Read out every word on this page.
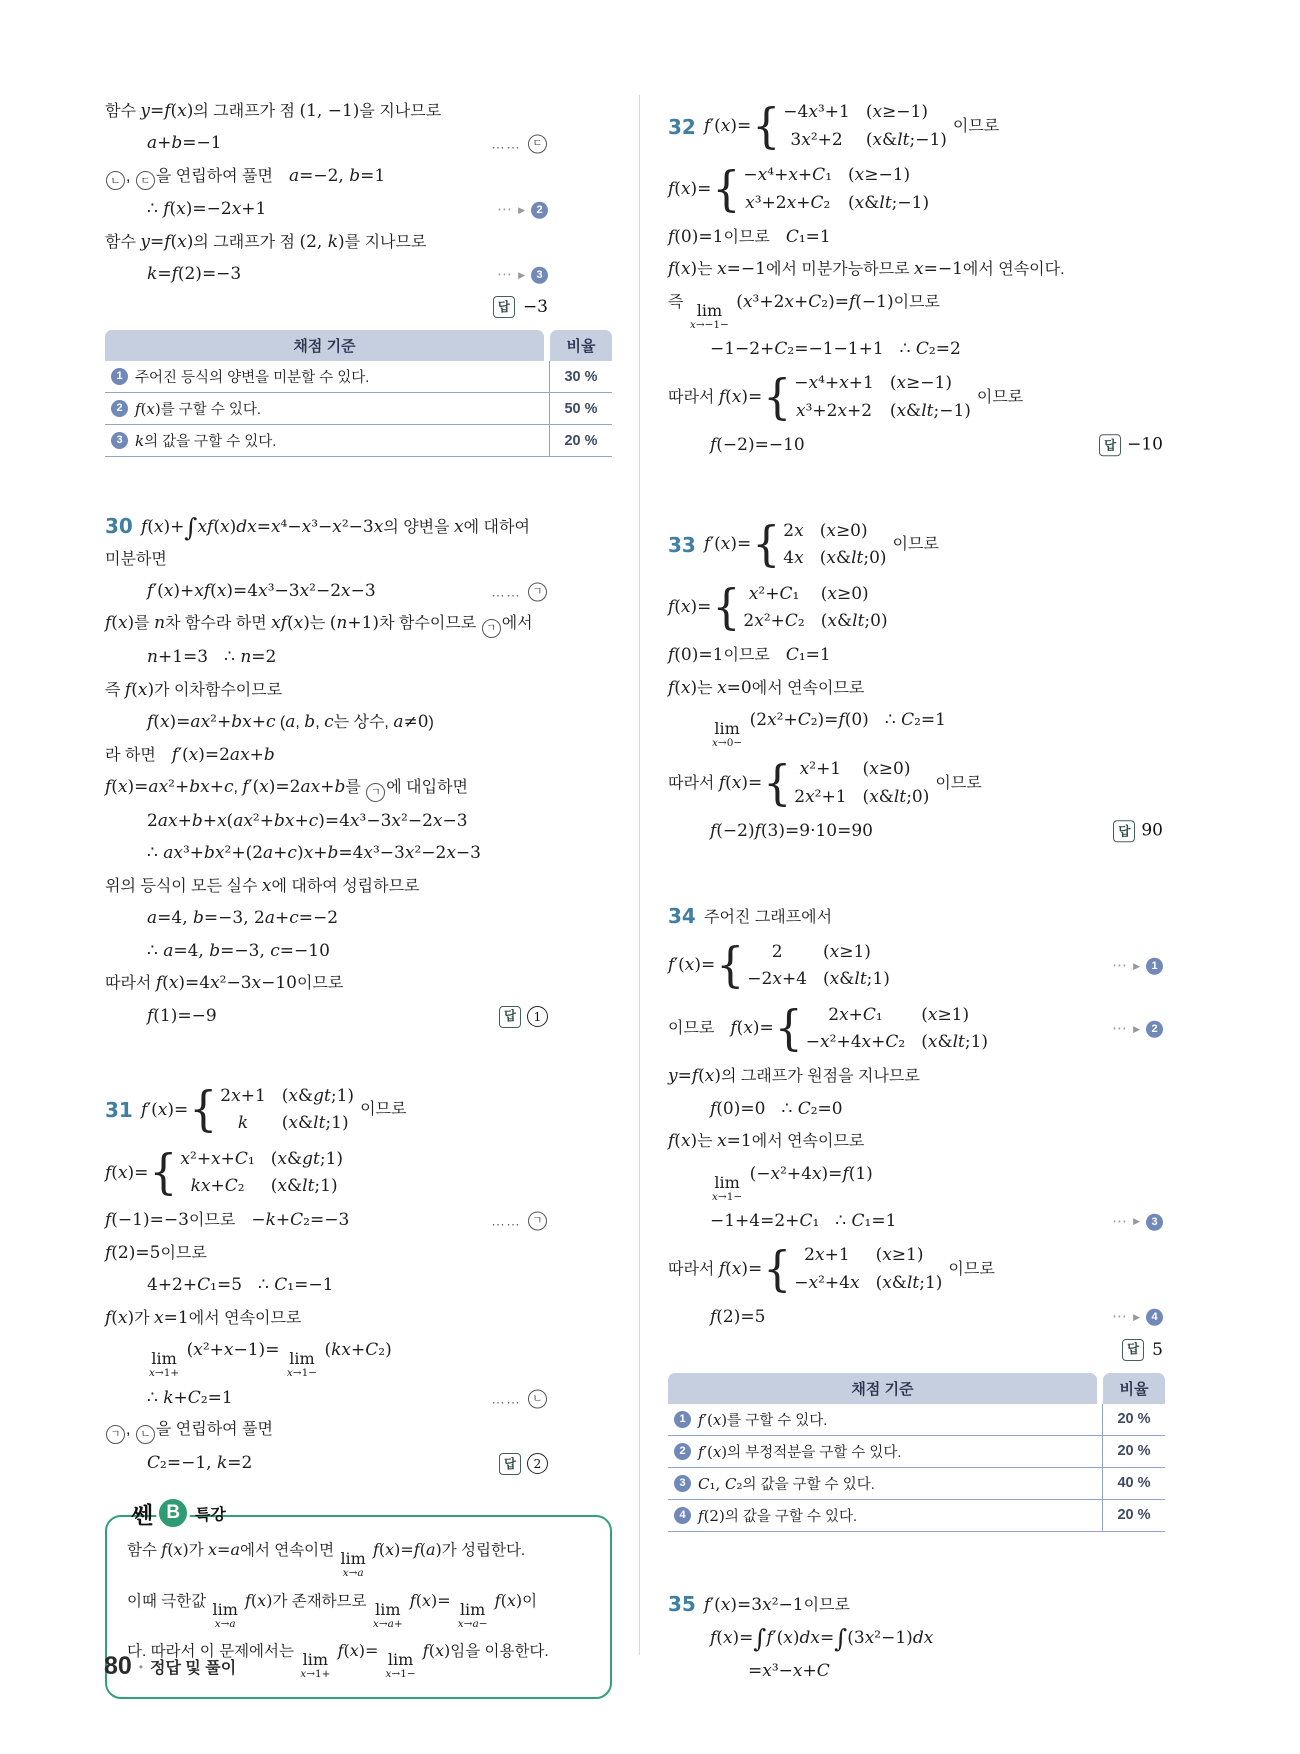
함수 y=f(x)의 그래프가 점 (1, −1)을 지나므로
a+b=−1	……	ㄷ
ㄴ , ㄷ 을 연립하여 풀면　a=−2, b=1
∴ f(x)=−2x+1	⋯ ▶	2
함수 y=f(x)의 그래프가 점 (2, k)를 지나므로
k=f(2)=−3	⋯ ▶	3
답 −3
채점 기준	비율
1 주어진 등식의 양변을 미분할 수 있다.	30 %
2 f(x)를 구할 수 있다.	50 %
3 k의 값을 구할 수 있다.	20 %
30 f(x)+∫xf(x)dx=x⁴−x³−x²−3x의 양변을 x에 대하여
미분하면
f′(x)+xf(x)=4x³−3x²−2x−3	……	ㄱ
f(x)를 n차 함수라 하면 xf(x)는 (n+1)차 함수이므로 ㄱ 에서
n+1=3　 ∴ n=2
즉 f(x)가 이차함수이므로
f(x)=ax²+bx+c (a, b, c는 상수, a≠0)
라 하면　f′(x)=2ax+b
f(x)=ax²+bx+c, f′(x)=2ax+b를 ㄱ 에 대입하면
2ax+b+x(ax²+bx+c)=4x³−3x²−2x−3
∴ ax³+bx²+(2a+c)x+b=4x³−3x²−2x−3
위의 등식이 모든 실수 x에 대하여 성립하므로
a=4, b=−3, 2a+c=−2
∴ a=4, b=−3, c=−10
따라서 f(x)=4x²−3x−10이므로
f(1)=−9	답	1
31 f′(x)= { 2x+1 (x&gt;1)
k (x&lt;1)
이므로
f(x)= { x²+x+C₁ (x&gt;1)
kx+C₂ (x&lt;1)
f(−1)=−3이므로　−k+C₂=−3	……	ㄱ
f(2)=5이므로
4+2+C₁=5　 ∴ C₁=−1
f(x)가 x=1에서 연속이므로
lim
x→1+
(x²+x−1)= lim
x→1−
(kx+C₂)
∴ k+C₂=1	……	ㄴ
ㄱ , ㄴ 을 연립하여 풀면
C₂=−1, k=2	답	2
쎈 B 특강
함수 f(x)가 x=a에서 연속이면 lim
x→a
f(x)=f(a)가 성립한다.
이때 극한값 lim
x→a
f(x)가 존재하므로 lim
x→a+
f(x)= lim
x→a−
f(x)이
다. 따라서 이 문제에서는 lim
x→1+
f(x)= lim
x→1−
f(x)임을 이용한다.
32 f′(x)= { −4x³+1 (x≥−1)
3x²+2 (x&lt;−1)
이므로
f(x)= { −x⁴+x+C₁ (x≥−1)
x³+2x+C₂ (x&lt;−1)
f(0)=1이므로　C₁=1
f(x)는 x=−1에서 미분가능하므로 x=−1에서 연속이다.
즉 lim
x→−1−
(x³+2x+C₂)=f(−1)이므로
−1−2+C₂=−1−1+1　 ∴ C₂=2
따라서 f(x)= { −x⁴+x+1 (x≥−1)
x³+2x+2 (x&lt;−1)
이므로
f(−2)=−10	답 −10
33 f′(x)= { 2x (x≥0)
4x (x&lt;0)
이므로
f(x)= { x²+C₁ (x≥0)
2x²+C₂ (x&lt;0)
f(0)=1이므로　C₁=1
f(x)는 x=0에서 연속이므로
lim
x→0−
(2x²+C₂)=f(0)　 ∴ C₂=1
따라서 f(x)= { x²+1 (x≥0)
2x²+1 (x&lt;0)
이므로
f(−2)f(3)=9·10=90	답 90
34 주어진 그래프에서
f′(x)= { 2 (x≥1)
−2x+4 (x&lt;1)
⋯ ▶	1
이므로　f(x)= { 2x+C₁ (x≥1)
−x²+4x+C₂ (x&lt;1)
⋯ ▶	2
y=f(x)의 그래프가 원점을 지나므로
f(0)=0　 ∴ C₂=0
f(x)는 x=1에서 연속이므로
lim
x→1−
(−x²+4x)=f(1)
−1+4=2+C₁　 ∴ C₁=1	⋯ ▶	3
따라서 f(x)= { 2x+1 (x≥1)
−x²+4x (x&lt;1)
이므로
f(2)=5	⋯ ▶	4
답 5
채점 기준	비율
1 f′(x)를 구할 수 있다.	20 %
2 f′(x)의 부정적분을 구할 수 있다.	20 %
3 C₁, C₂의 값을 구할 수 있다.	40 %
4 f(2)의 값을 구할 수 있다.	20 %
35 f′(x)=3x²−1이므로
f(x)=∫f′(x)dx=∫(3x²−1)dx
=x³−x+C
80 • 정답 및 풀이
